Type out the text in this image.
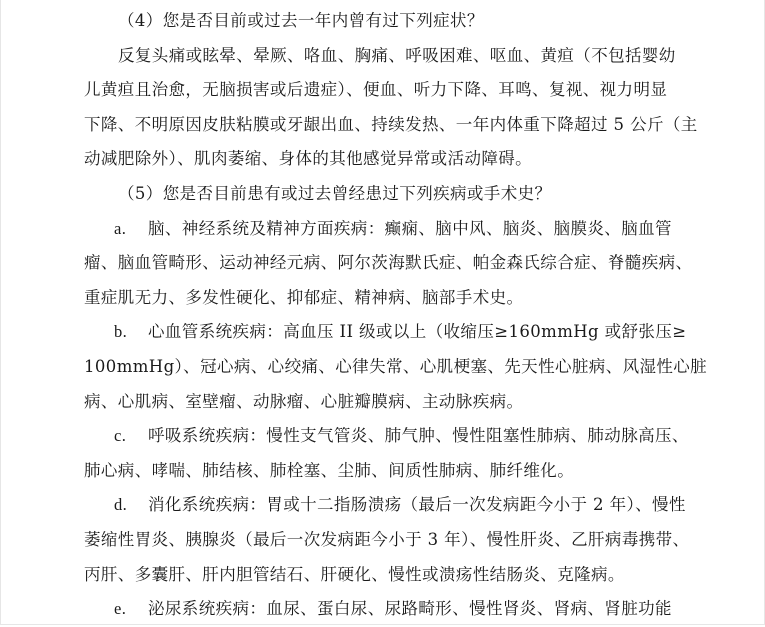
（4）您是否目前或过去一年内曾有过下列症状？

反复头痛或眩晕、晕厥、咯血、胸痛、呼吸困难、呕血、黄疸（不包括婴幼

儿黄疸且治愈，无脑损害或后遗症）、便血、听力下降、耳鸣、复视、视力明显

下降、不明原因皮肤粘膜或牙龈出血、持续发热、一年内体重下降超过 5 公斤（主

动减肥除外）、肌肉萎缩、身体的其他感觉异常或活动障碍。

（5）您是否目前患有或过去曾经患过下列疾病或手术史？

a. 脑、神经系统及精神方面疾病：癫痫、脑中风、脑炎、脑膜炎、脑血管

瘤、脑血管畸形、运动神经元病、阿尔茨海默氏症、帕金森氏综合症、脊髓疾病、

重症肌无力、多发性硬化、抑郁症、精神病、脑部手术史。

b. 心血管系统疾病：高血压 II 级或以上（收缩压≥160mmHg 或舒张压≥

100mmHg）、冠心病、心绞痛、心律失常、心肌梗塞、先天性心脏病、风湿性心脏

病、心肌病、室壁瘤、动脉瘤、心脏瓣膜病、主动脉疾病。

c. 呼吸系统疾病：慢性支气管炎、肺气肿、慢性阻塞性肺病、肺动脉高压、

肺心病、哮喘、肺结核、肺栓塞、尘肺、间质性肺病、肺纤维化。

d. 消化系统疾病：胃或十二指肠溃疡（最后一次发病距今小于 2 年）、慢性

萎缩性胃炎、胰腺炎（最后一次发病距今小于 3 年）、慢性肝炎、乙肝病毒携带、

丙肝、多囊肝、肝内胆管结石、肝硬化、慢性或溃疡性结肠炎、克隆病。

e. 泌尿系统疾病：血尿、蛋白尿、尿路畸形、慢性肾炎、肾病、肾脏功能
